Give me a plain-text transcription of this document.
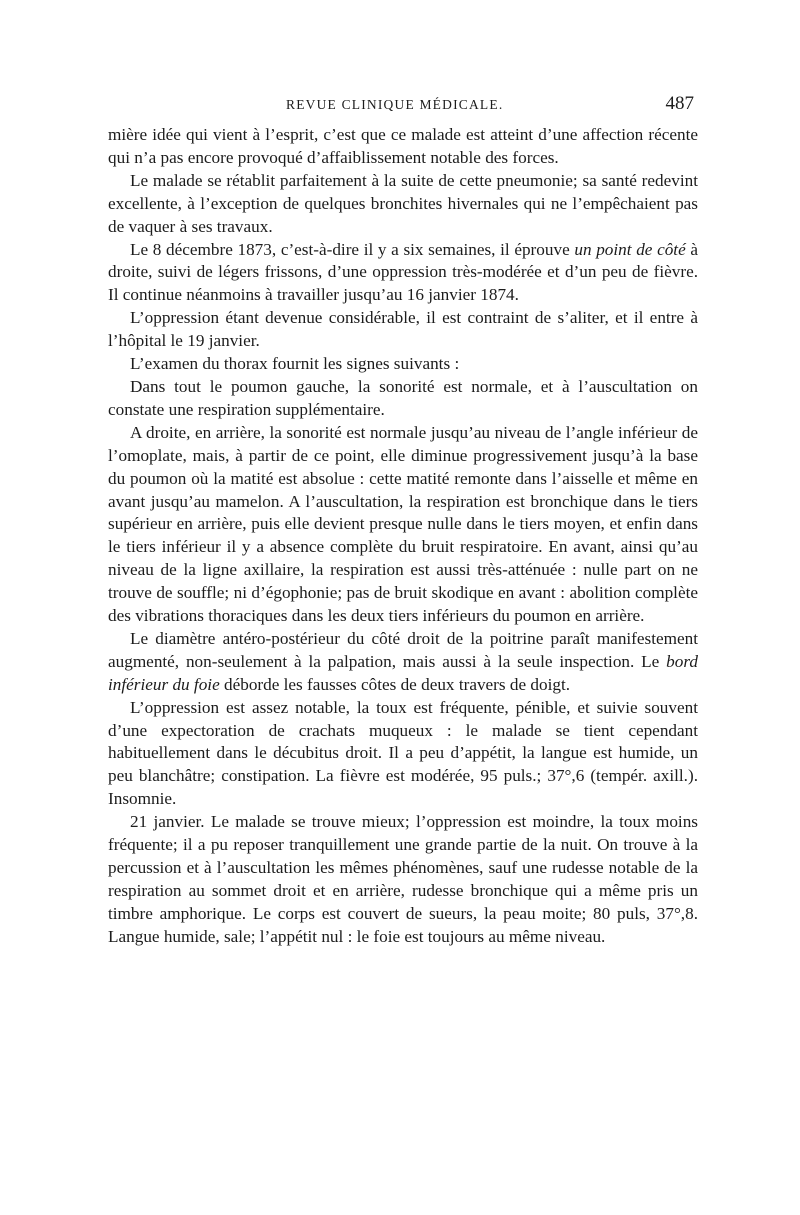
REVUE CLINIQUE MÉDICALE.	487

mière idée qui vient à l’esprit, c’est que ce malade est atteint d’une affection récente qui n’a pas encore provoqué d’affaiblissement notable des forces.

Le malade se rétablit parfaitement à la suite de cette pneumonie; sa santé redevint excellente, à l’exception de quelques bronchites hivernales qui ne l’empêchaient pas de vaquer à ses travaux.

Le 8 décembre 1873, c’est-à-dire il y a six semaines, il éprouve un point de côté à droite, suivi de légers frissons, d’une oppression très-modérée et d’un peu de fièvre. Il continue néanmoins à travailler jusqu’au 16 janvier 1874.

L’oppression étant devenue considérable, il est contraint de s’aliter, et il entre à l’hôpital le 19 janvier.

L’examen du thorax fournit les signes suivants :

Dans tout le poumon gauche, la sonorité est normale, et à l’auscultation on constate une respiration supplémentaire.

A droite, en arrière, la sonorité est normale jusqu’au niveau de l’angle inférieur de l’omoplate, mais, à partir de ce point, elle diminue progressivement jusqu’à la base du poumon où la matité est absolue : cette matité remonte dans l’aisselle et même en avant jusqu’au mamelon. A l’auscultation, la respiration est bronchique dans le tiers supérieur en arrière, puis elle devient presque nulle dans le tiers moyen, et enfin dans le tiers inférieur il y a absence complète du bruit respiratoire. En avant, ainsi qu’au niveau de la ligne axillaire, la respiration est aussi très-atténuée : nulle part on ne trouve de souffle; ni d’égophonie; pas de bruit skodique en avant : abolition complète des vibrations thoraciques dans les deux tiers inférieurs du poumon en arrière.

Le diamètre antéro-postérieur du côté droit de la poitrine paraît manifestement augmenté, non-seulement à la palpation, mais aussi à la seule inspection. Le bord inférieur du foie déborde les fausses côtes de deux travers de doigt.

L’oppression est assez notable, la toux est fréquente, pénible, et suivie souvent d’une expectoration de crachats muqueux : le malade se tient cependant habituellement dans le décubitus droit. Il a peu d’appétit, la langue est humide, un peu blanchâtre; constipation. La fièvre est modérée, 95 puls.; 37°,6 (tempér. axill.). Insomnie.

21 janvier. Le malade se trouve mieux; l’oppression est moindre, la toux moins fréquente; il a pu reposer tranquillement une grande partie de la nuit. On trouve à la percussion et à l’auscultation les mêmes phénomènes, sauf une rudesse notable de la respiration au sommet droit et en arrière, rudesse bronchique qui a même pris un timbre amphorique. Le corps est couvert de sueurs, la peau moite; 80 puls, 37°,8. Langue humide, sale; l’appétit nul : le foie est toujours au même niveau.
